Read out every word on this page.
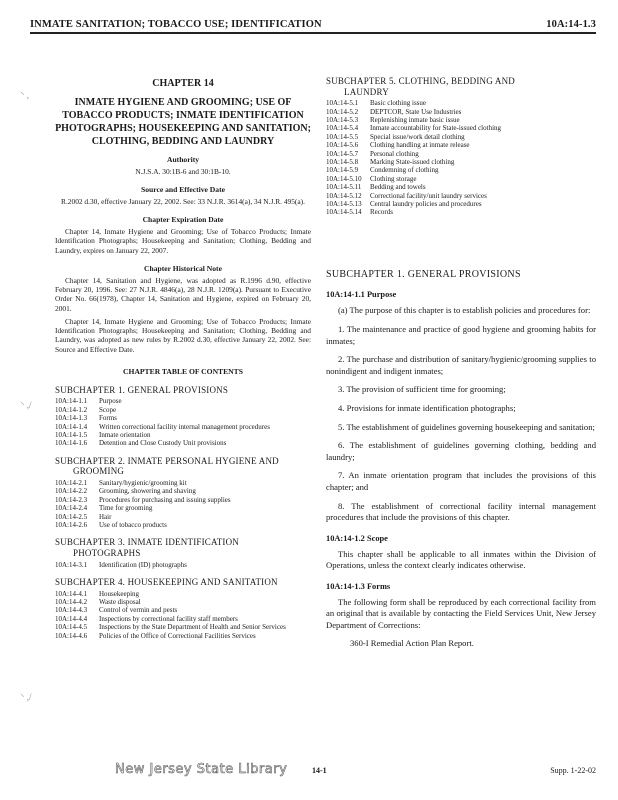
INMATE SANITATION; TOBACCO USE; IDENTIFICATION	10A:14-1.3
⸌ ,
⸌ ,/
⸌ ,/
CHAPTER 14
INMATE HYGIENE AND GROOMING; USE OF TOBACCO PRODUCTS; INMATE IDENTIFICATION PHOTOGRAPHS; HOUSEKEEPING AND SANITATION; CLOTHING, BEDDING AND LAUNDRY
Authority
N.J.S.A. 30:1B-6 and 30:1B-10.
Source and Effective Date
R.2002 d.30, effective January 22, 2002. See: 33 N.J.R. 3614(a), 34 N.J.R. 495(a).
Chapter Expiration Date
Chapter 14, Inmate Hygiene and Grooming; Use of Tobacco Products; Inmate Identification Photographs; Housekeeping and Sanitation; Clothing, Bedding and Laundry, expires on January 22, 2007.
Chapter Historical Note
Chapter 14, Sanitation and Hygiene, was adopted as R.1996 d.90, effective February 20, 1996. See: 27 N.J.R. 4846(a), 28 N.J.R. 1209(a). Pursuant to Executive Order No. 66(1978), Chapter 14, Sanitation and Hygiene, expired on February 20, 2001.
Chapter 14, Inmate Hygiene and Grooming; Use of Tobacco Products; Inmate Identification Photographs; Housekeeping and Sanitation; Clothing, Bedding and Laundry, was adopted as new rules by R.2002 d.30, effective January 22, 2002. See: Source and Effective Date.
CHAPTER TABLE OF CONTENTS
SUBCHAPTER 1. GENERAL PROVISIONS
10A:14-1.1	Purpose
10A:14-1.2	Scope
10A:14-1.3	Forms
10A:14-1.4	Written correctional facility internal management procedures
10A:14-1.5	Inmate orientation
10A:14-1.6	Detention and Close Custody Unit provisions
SUBCHAPTER 2. INMATE PERSONAL HYGIENE AND
GROOMING
10A:14-2.1	Sanitary/hygienic/grooming kit
10A:14-2.2	Grooming, showering and shaving
10A:14-2.3	Procedures for purchasing and issuing supplies
10A:14-2.4	Time for grooming
10A:14-2.5	Hair
10A:14-2.6	Use of tobacco products
SUBCHAPTER 3. INMATE IDENTIFICATION
PHOTOGRAPHS
10A:14-3.1	Identification (ID) photographs
SUBCHAPTER 4. HOUSEKEEPING AND SANITATION
10A:14-4.1	Housekeeping
10A:14-4.2	Waste disposal
10A:14-4.3	Control of vermin and pests
10A:14-4.4	Inspections by correctional facility staff members
10A:14-4.5	Inspections by the State Department of Health and Senior Services
10A:14-4.6	Policies of the Office of Correctional Facilities Services
SUBCHAPTER 5. CLOTHING, BEDDING AND
LAUNDRY
10A:14-5.1	Basic clothing issue
10A:14-5.2	DEPTCOR, State Use Industries
10A:14-5.3	Replenishing inmate basic issue
10A:14-5.4	Inmate accountability for State-issued clothing
10A:14-5.5	Special issue/work detail clothing
10A:14-5.6	Clothing handling at inmate release
10A:14-5.7	Personal clothing
10A:14-5.8	Marking State-issued clothing
10A:14-5.9	Condemning of clothing
10A:14-5.10	Clothing storage
10A:14-5.11	Bedding and towels
10A:14-5.12	Correctional facility/unit laundry services
10A:14-5.13	Central laundry policies and procedures
10A:14-5.14	Records
SUBCHAPTER 1. GENERAL PROVISIONS
10A:14-1.1 Purpose
(a) The purpose of this chapter is to establish policies and procedures for:
1. The maintenance and practice of good hygiene and grooming habits for inmates;
2. The purchase and distribution of sanitary/hygienic/grooming supplies to nonindigent and indigent inmates;
3. The provision of sufficient time for grooming;
4. Provisions for inmate identification photographs;
5. The establishment of guidelines governing housekeeping and sanitation;
6. The establishment of guidelines governing clothing, bedding and laundry;
7. An inmate orientation program that includes the provisions of this chapter; and
8. The establishment of correctional facility internal management procedures that include the provisions of this chapter.
10A:14-1.2 Scope
This chapter shall be applicable to all inmates within the Division of Operations, unless the context clearly indicates otherwise.
10A:14-1.3 Forms
The following form shall be reproduced by each correctional facility from an original that is available by contacting the Field Services Unit, New Jersey Department of Corrections:
360-I Remedial Action Plan Report.
New Jersey State Library	14-1	Supp. 1-22-02
